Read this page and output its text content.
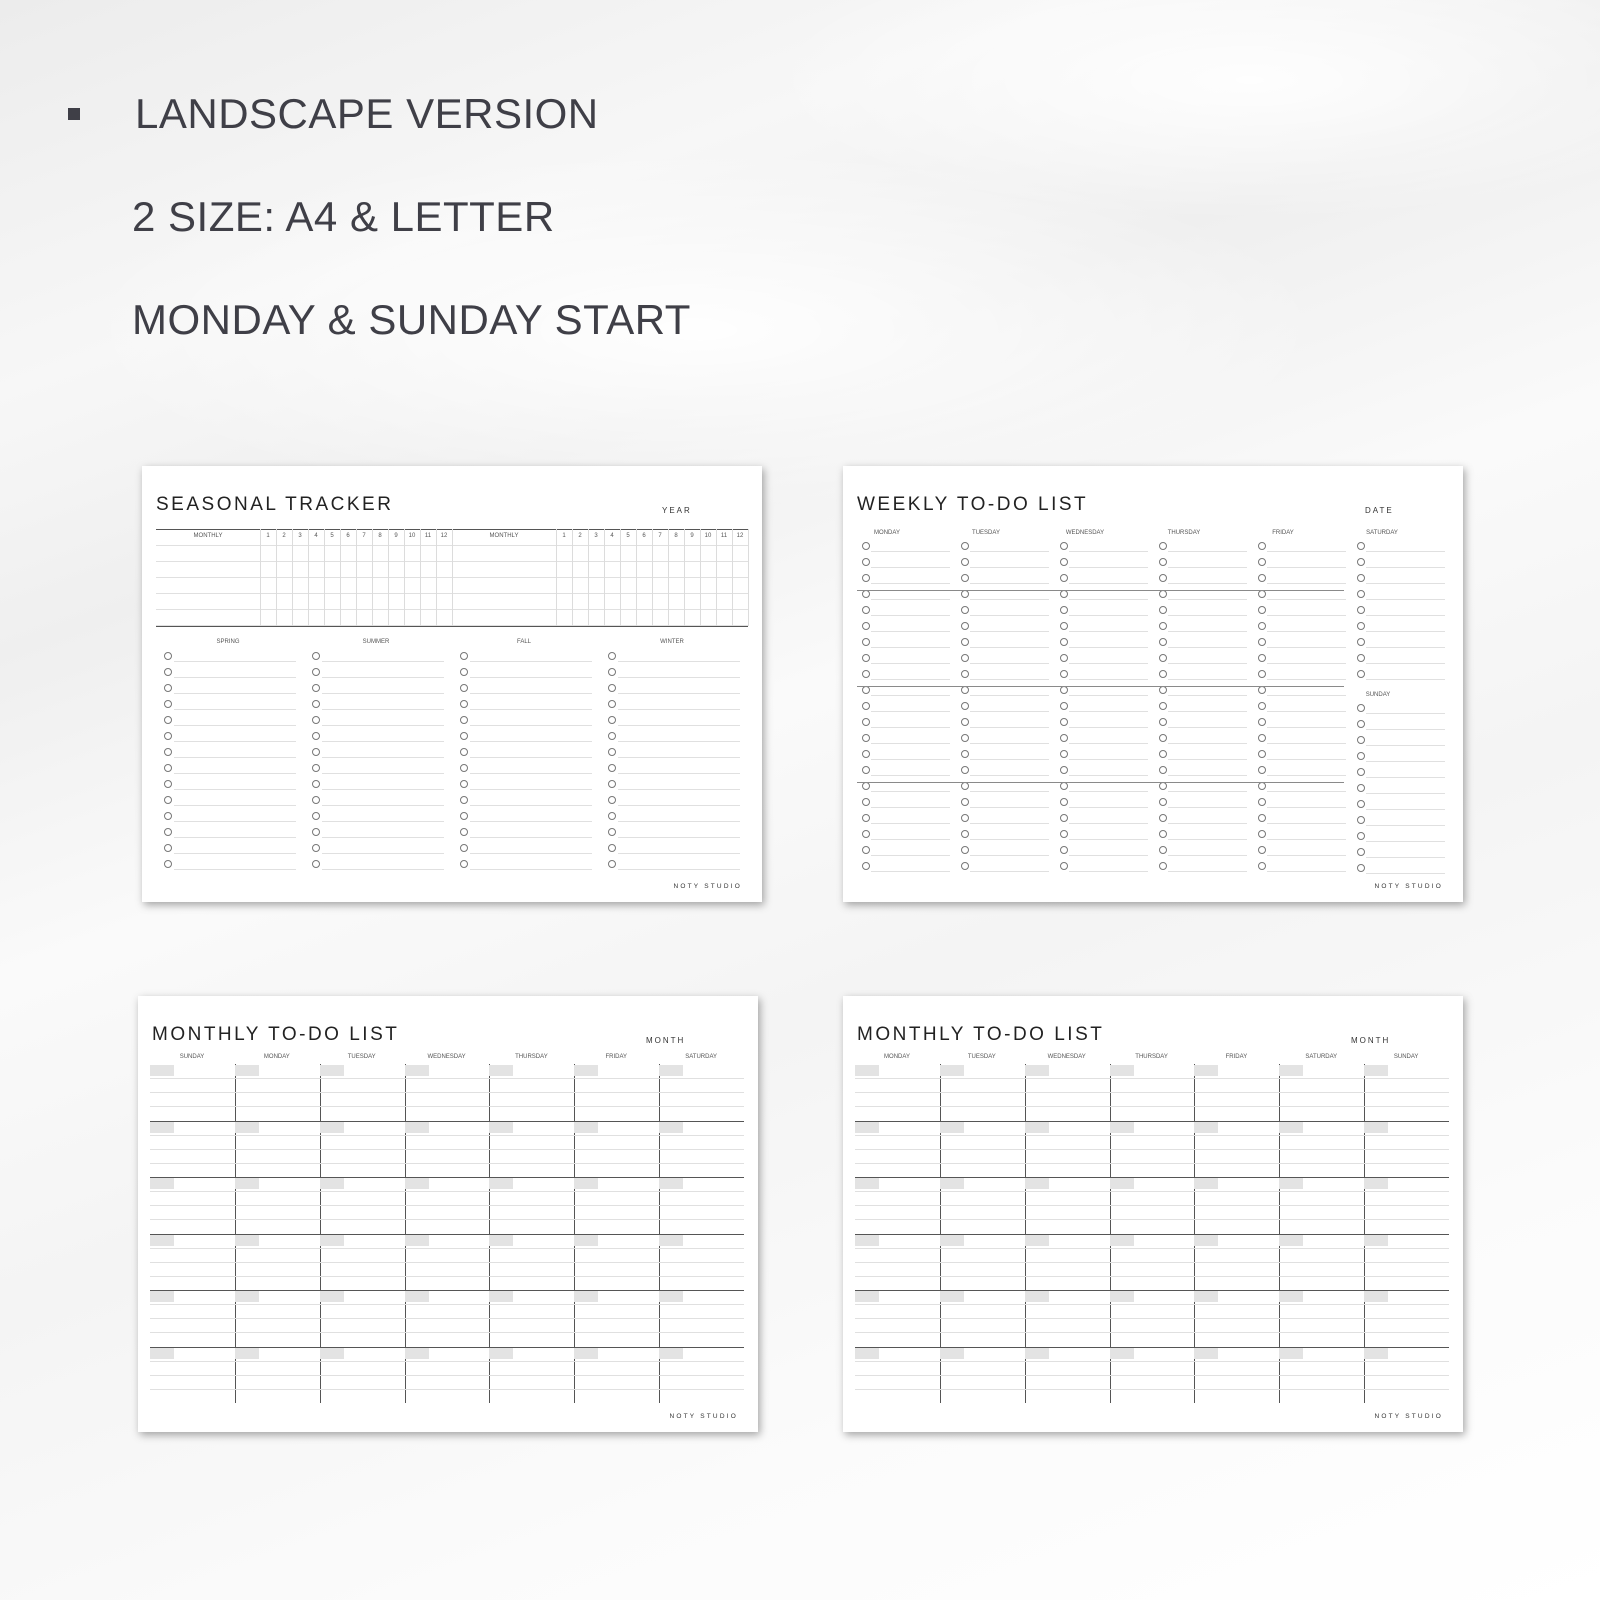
LANDSCAPE VERSION
2 SIZE: A4 & LETTER
MONDAY & SUNDAY START
SEASONAL TRACKER	YEAR
NOTY STUDIO
MONTHLY	1 2 3 4 5 6 7 8 9 10 11 12	MONTHLY	1 2 3 4 5 6 7 8 9 10 11 12
SPRING	SUMMER	FALL	WINTER
WEEKLY TO-DO LIST	DATE
NOTY STUDIO
MONDAY	TUESDAY	WEDNESDAY	THURSDAY	FRIDAY	SATURDAY
SUNDAY
MONTHLY TO-DO LIST	MONTH
NOTY STUDIO
SUNDAY	MONDAY	TUESDAY	WEDNESDAY	THURSDAY	FRIDAY	SATURDAY
MONTHLY TO-DO LIST	MONTH
NOTY STUDIO
MONDAY	TUESDAY	WEDNESDAY	THURSDAY	FRIDAY	SATURDAY	SUNDAY
